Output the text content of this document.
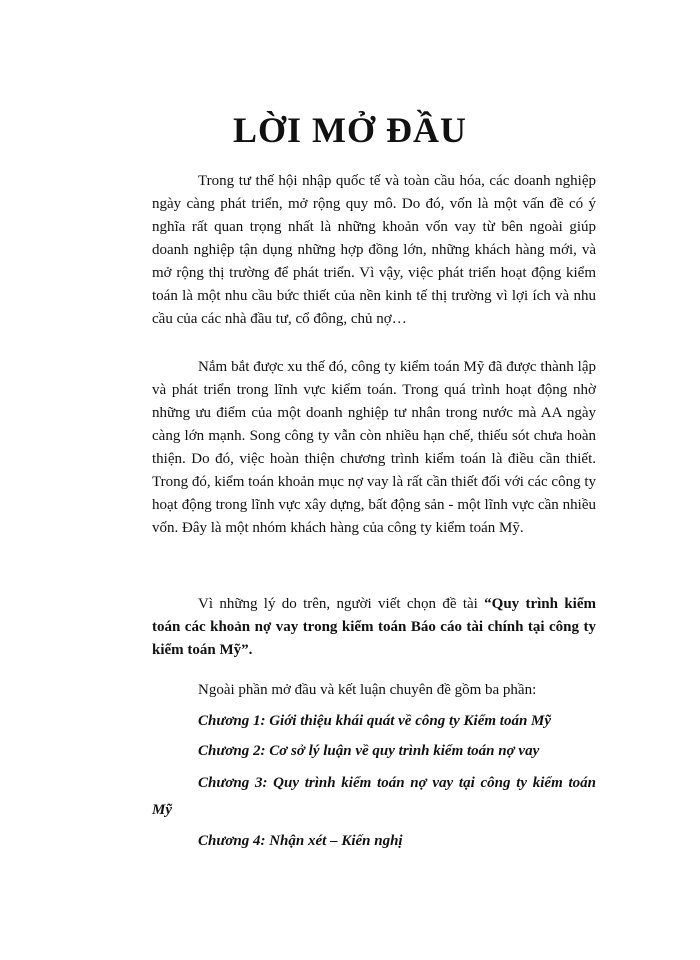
LỜI MỞ ĐẦU

Trong tư thế hội nhập quốc tế và toàn cầu hóa, các doanh nghiệp ngày càng phát triển, mở rộng quy mô. Do đó, vốn là một vấn đề có ý nghĩa rất quan trọng nhất là những khoản vốn vay từ bên ngoài giúp doanh nghiệp tận dụng những hợp đồng lớn, những khách hàng mới, và mở rộng thị trường để phát triển. Vì vậy, việc phát triển hoạt động kiểm toán là một nhu cầu bức thiết của nền kinh tế thị trường vì lợi ích và nhu cầu của các nhà đầu tư, cổ đông, chủ nợ…

Nắm bắt được xu thế đó, công ty kiểm toán Mỹ đã được thành lập và phát triển trong lĩnh vực kiểm toán. Trong quá trình hoạt động nhờ những ưu điểm của một doanh nghiệp tư nhân trong nước mà AA ngày càng lớn mạnh. Song công ty vẫn còn nhiều hạn chế, thiếu sót chưa hoàn thiện. Do đó, việc hoàn thiện chương trình kiểm toán là điều cần thiết. Trong đó, kiểm toán khoản mục nợ vay là rất cần thiết đối với các công ty hoạt động trong lĩnh vực xây dựng, bất động sản - một lĩnh vực cần nhiều vốn. Đây là một nhóm khách hàng của công ty kiểm toán Mỹ.

Vì những lý do trên, người viết chọn đề tài “Quy trình kiểm toán các khoản nợ vay trong kiểm toán Báo cáo tài chính tại công ty kiểm toán Mỹ”.

Ngoài phần mở đầu và kết luận chuyên đề gồm ba phần:

Chương 1: Giới thiệu khái quát về công ty Kiểm toán Mỹ

Chương 2: Cơ sở lý luận về quy trình kiểm toán nợ vay

Chương 3: Quy trình kiểm toán nợ vay tại công ty kiểm toán Mỹ

Chương 4: Nhận xét – Kiến nghị
